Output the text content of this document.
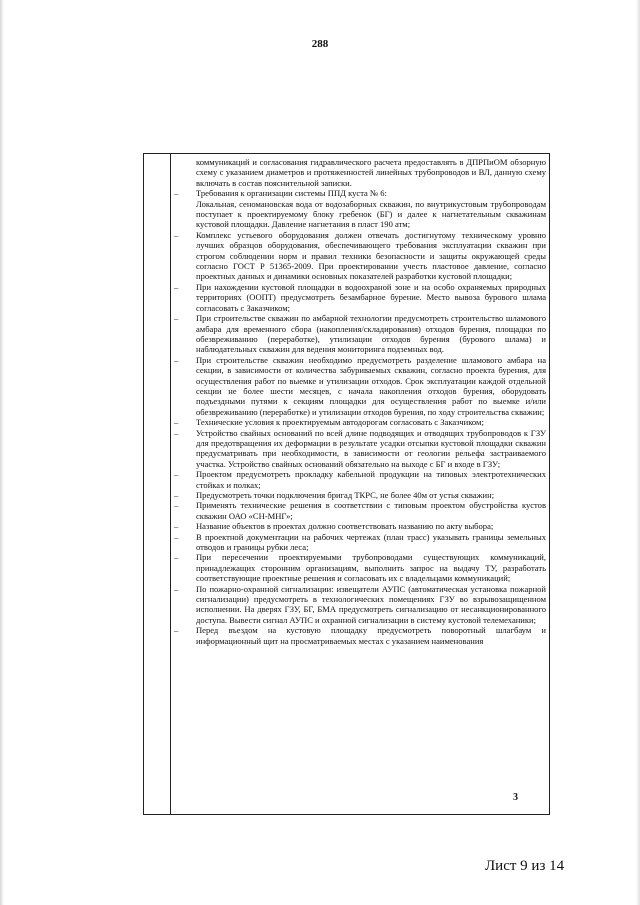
288

коммуникаций и согласования гидравлического расчета предоставлять в ДПРПиОМ обзорную схему с указанием диаметров и протяженностей линейных трубопроводов и ВЛ, данную схему включать в состав пояснительной записки.

– Требования к организации системы ППД куста № 6:

Локальная, сеномановская вода от водозаборных скважин, по внутрикустовым трубопроводам поступает к проектируемому блоку гребенок (БГ) и далее к нагнетательным скважинам кустовой площадки. Давление нагнетания в пласт 190 атм;

– Комплекс устьевого оборудования должен отвечать достигнутому техническому уровню лучших образцов оборудования, обеспечивающего требования эксплуатации скважин при строгом соблюдении норм и правил техники безопасности и защиты окружающей среды согласно ГОСТ Р 51365-2009. При проектировании учесть пластовое давление, согласно проектных данных и динамики основных показателей разработки кустовой площадки;

– При нахождении кустовой площадки в водоохраной зоне и на особо охраняемых природных территориях (ООПТ) предусмотреть безамбарное бурение. Место вывоза бурового шлама согласовать с Заказчиком;

– При строительстве скважин по амбарной технологии предусмотреть строительство шламового амбара для временного сбора (накопления/складирования) отходов бурения, площадки по обезвреживанию (переработке), утилизации отходов бурения (бурового шлама) и наблюдательных скважин для ведения мониторинга подземных вод.

– При строительстве скважин необходимо предусмотреть разделение шламового амбара на секции, в зависимости от количества забуриваемых скважин, согласно проекта бурения, для осуществления работ по выемке и утилизации отходов. Срок эксплуатации каждой отдельной секции не более шести месяцев, с начала накопления отходов бурения, оборудовать подъездными путями к секциям площадки для осуществления работ по выемке и/или обезвреживанию (переработке) и утилизации отходов бурения, по ходу строительства скважин;

– Технические условия к проектируемым автодорогам согласовать с Заказчиком;

– Устройство свайных оснований по всей длине подводящих и отводящих трубопроводов к ГЗУ для предотвращения их деформации в результате усадки отсыпки кустовой площадки скважин предусматривать при необходимости, в зависимости от геологии рельефа застраиваемого участка. Устройство свайных оснований обязательно на выходе с БГ и входе в ГЗУ;

– Проектом предусмотреть прокладку кабельной продукции на типовых электротехнических стойках и полках;

– Предусмотреть точки подключения бригад ТКРС, не более 40м от устья скважин;

– Применять технические решения в соответствии с типовым проектом обустройства кустов скважин ОАО «СН-МНГ»;

– Название объектов в проектах должно соответствовать названию по акту выбора;

– В проектной документации на рабочих чертежах (план трасс) указывать границы земельных отводов и границы рубки леса;

– При пересечении проектируемыми трубопроводами существующих коммуникаций, принадлежащих сторонним организациям, выполнить запрос на выдачу ТУ, разработать соответствующие проектные решения и согласовать их с владельцами коммуникаций;

– По пожарно-охранной сигнализации: извещатели АУПС (автоматическая установка пожарной сигнализации) предусмотреть в технологических помещениях ГЗУ во взрывозащищенном исполнении. На дверях ГЗУ, БГ, БМА предусмотреть сигнализацию от несанкционированного доступа. Вывести сигнал АУПС и охранной сигнализации в систему кустовой телемеханики;

– Перед въездом на кустовую площадку предусмотреть поворотный шлагбаум и информационный щит на просматриваемых местах с указанием наименования

3
Лист 9 из 14
